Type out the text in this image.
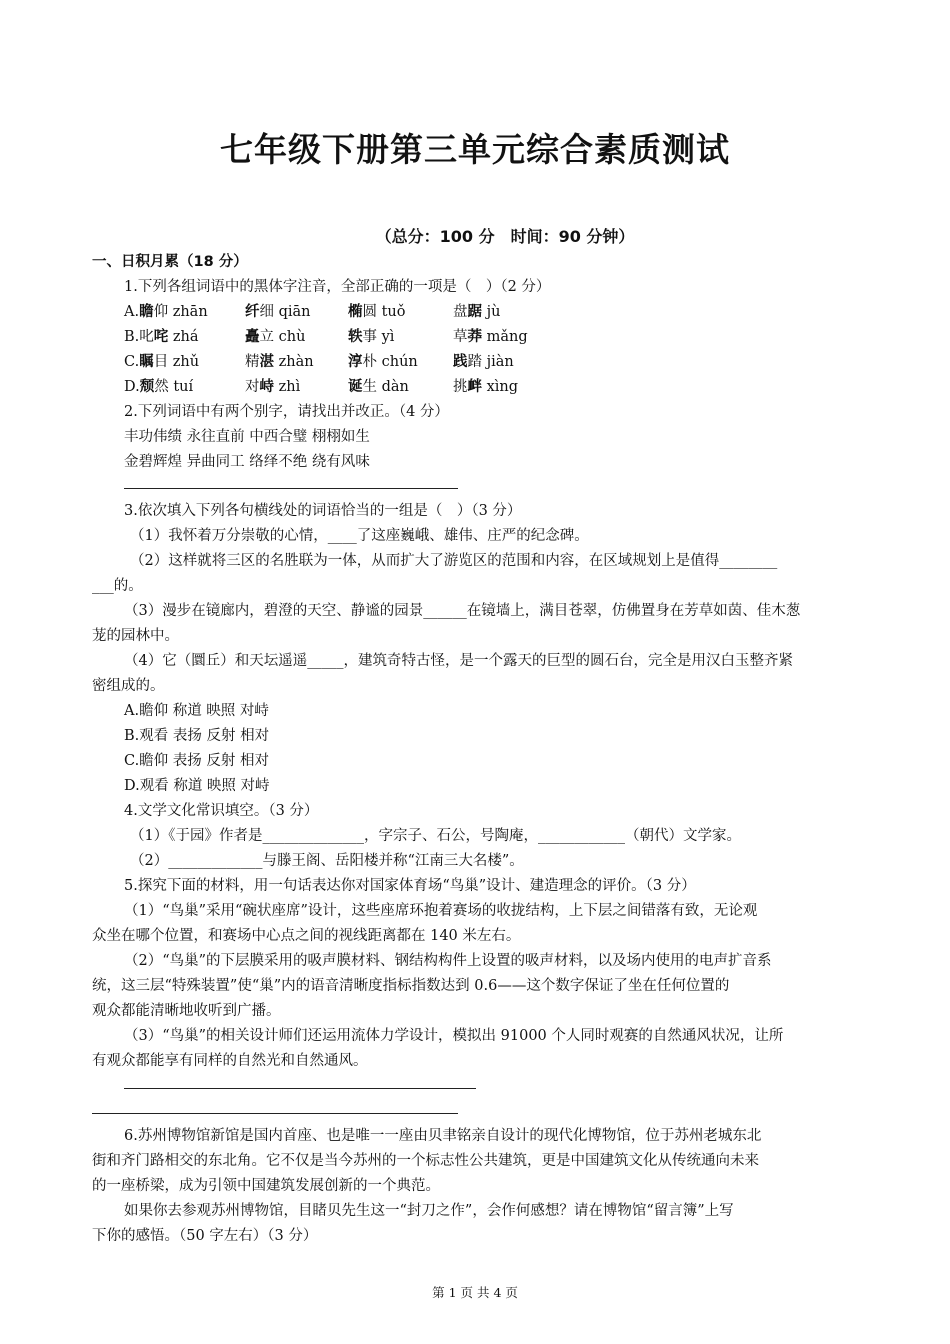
七年级下册第三单元综合素质测试
（总分：100 分　时间：90 分钟）
一、日积月累（18 分）
1.下列各组词语中的黑体字注音，全部正确的一项是（　）（2 分）
A.瞻仰 zhān	纤细 qiān	椭圆 tuǒ	盘踞 jù
B.叱咤 zhá	矗立 chù	轶事 yì	草莽 mǎng
C.瞩目 zhǔ	精湛 zhàn 淳朴 chún 践踏 jiàn
D.颓然 tuí	对峙 zhì	诞生 dàn	挑衅 xìng
2.下列词语中有两个别字，请找出并改正。（4 分）
丰功伟绩 永往直前 中西合璧 栩栩如生
金碧辉煌 异曲同工 络绎不绝 绕有风味
3.依次填入下列各句横线处的词语恰当的一组是（　）（3 分）
（1）我怀着万分崇敬的心情，____了这座巍峨、雄伟、庄严的纪念碑。
（2）这样就将三区的名胜联为一体，从而扩大了游览区的范围和内容，在区域规划上是值得________
___的。
（3）漫步在镜廊内，碧澄的天空、静谧的园景______在镜墙上，满目苍翠，仿佛置身在芳草如茵、佳木葱
茏的园林中。
（4）它（圜丘）和天坛遥遥_____，建筑奇特古怪，是一个露天的巨型的圆石台，完全是用汉白玉整齐紧
密组成的。
A.瞻仰 称道 映照 对峙
B.观看 表扬 反射 相对
C.瞻仰 表扬 反射 相对
D.观看 称道 映照 对峙
4.文学文化常识填空。（3 分）
（1）《于园》作者是______________，字宗子、石公，号陶庵，____________（朝代）文学家。
（2）_____________与滕王阁、岳阳楼并称“江南三大名楼”。
5.探究下面的材料，用一句话表达你对国家体育场“鸟巢”设计、建造理念的评价。（3 分）
（1）“鸟巢”采用“碗状座席”设计，这些座席环抱着赛场的收拢结构，上下层之间错落有致，无论观
众坐在哪个位置，和赛场中心点之间的视线距离都在 140 米左右。
（2）“鸟巢”的下层膜采用的吸声膜材料、钢结构构件上设置的吸声材料，以及场内使用的电声扩音系
统，这三层“特殊装置”使“巢”内的语音清晰度指标指数达到 0.6——这个数字保证了坐在任何位置的
观众都能清晰地收听到广播。
（3）“鸟巢”的相关设计师们还运用流体力学设计，模拟出 91000 个人同时观赛的自然通风状况，让所
有观众都能享有同样的自然光和自然通风。
6.苏州博物馆新馆是国内首座、也是唯一一座由贝聿铭亲自设计的现代化博物馆，位于苏州老城东北
街和齐门路相交的东北角。它不仅是当今苏州的一个标志性公共建筑，更是中国建筑文化从传统通向未来
的一座桥梁，成为引领中国建筑发展创新的一个典范。
如果你去参观苏州博物馆，目睹贝先生这一“封刀之作”，会作何感想？请在博物馆“留言簿”上写
下你的感悟。（50 字左右）（3 分）
第 1 页 共 4 页
